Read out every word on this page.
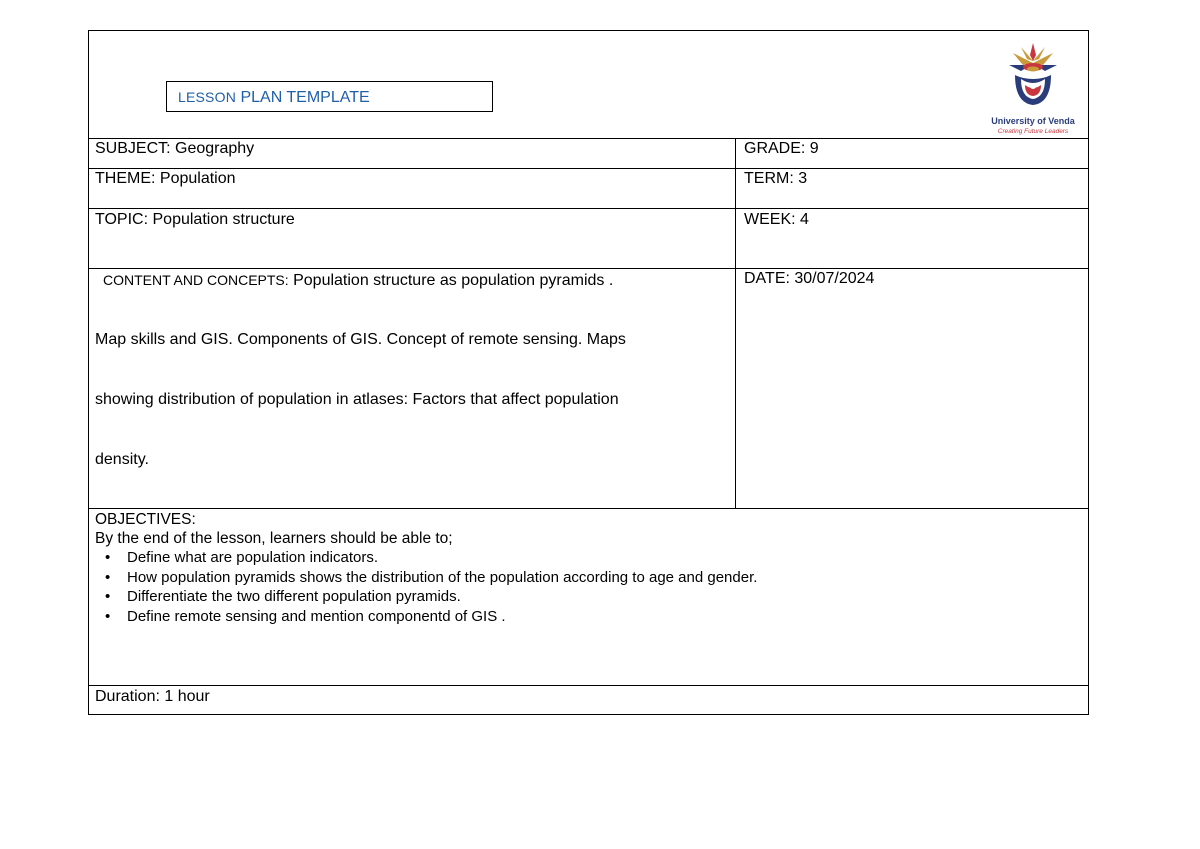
LESSON PLAN TEMPLATE
University of Venda
Creating Future Leaders
SUBJECT: Geography	GRADE: 9
THEME: Population	TERM: 3
TOPIC: Population structure	WEEK: 4
CONTENT AND CONCEPTS: Population structure as population pyramids .
Map skills and GIS. Components of GIS. Concept of remote sensing. Maps
showing distribution of population in atlases: Factors that affect population
density.
DATE: 30/07/2024
OBJECTIVES:
By the end of the lesson, learners should be able to;
• Define what are population indicators.
• How population pyramids shows the distribution of the population according to age and gender.
• Differentiate the two different population pyramids.
• Define remote sensing and mention componentd of GIS .
Duration: 1 hour
